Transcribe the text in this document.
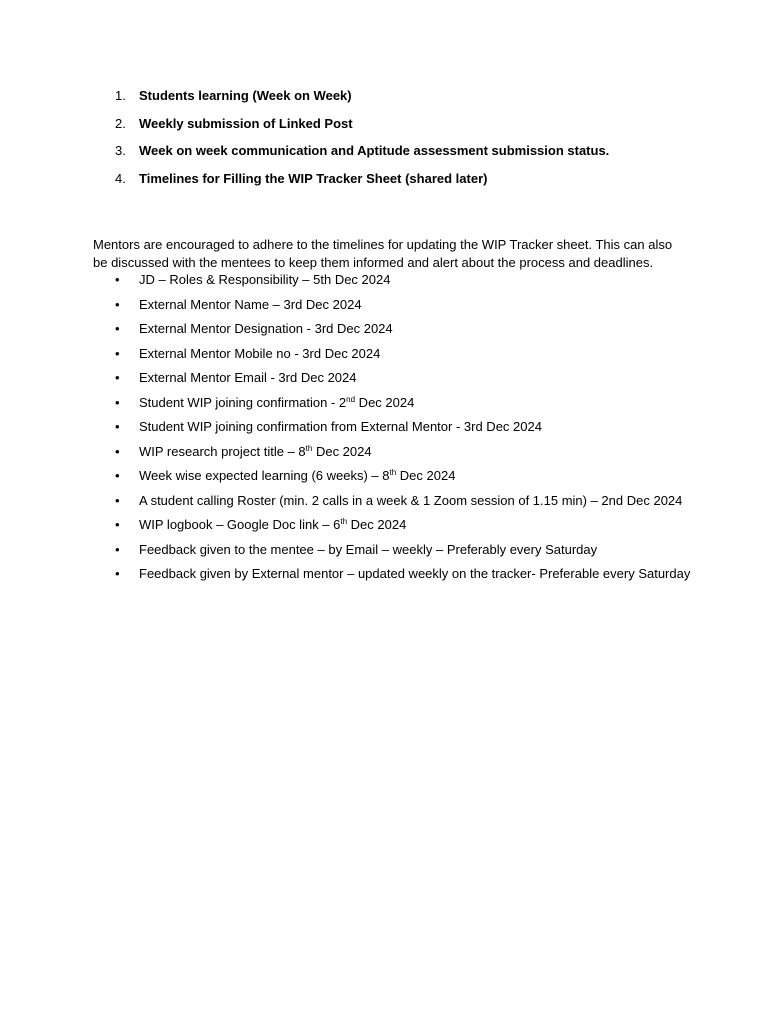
1.	Students learning (Week on Week)
2.	Weekly submission of Linked Post
3.	Week on week communication and Aptitude assessment submission status.
4.	Timelines for Filling the WIP Tracker Sheet (shared later)

Mentors are encouraged to adhere to the timelines for updating the WIP Tracker sheet. This can also be discussed with the mentees to keep them informed and alert about the process and deadlines.

•	JD – Roles & Responsibility – 5th Dec 2024
•	External Mentor Name – 3rd Dec 2024
•	External Mentor Designation - 3rd Dec 2024
•	External Mentor Mobile no - 3rd Dec 2024
•	External Mentor Email - 3rd Dec 2024
•	Student WIP joining confirmation - 2nd Dec 2024
•	Student WIP joining confirmation from External Mentor - 3rd Dec 2024
•	WIP research project title – 8th Dec 2024
•	Week wise expected learning (6 weeks) – 8th Dec 2024
•	A student calling Roster (min. 2 calls in a week & 1 Zoom session of 1.15 min) – 2nd Dec 2024
•	WIP logbook – Google Doc link – 6th Dec 2024
•	Feedback given to the mentee – by Email – weekly – Preferably every Saturday
•	Feedback given by External mentor – updated weekly on the tracker- Preferable every Saturday
